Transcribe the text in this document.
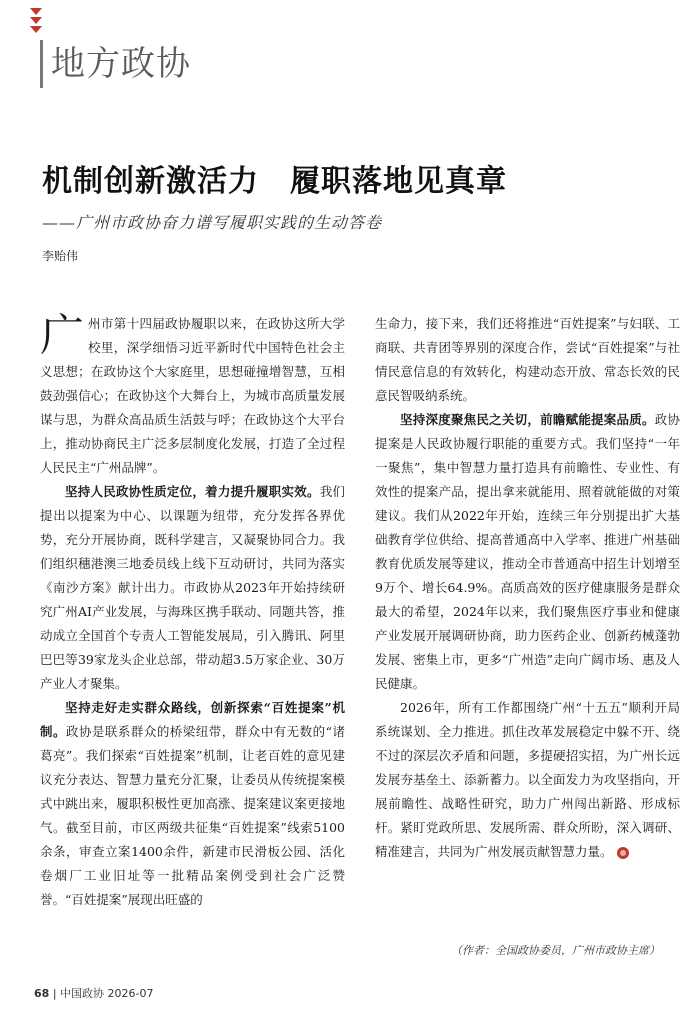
地方政协
机制创新激活力　履职落地见真章
——广州市政协奋力谱写履职实践的生动答卷
李贻伟

广州市第十四届政协履职以来，在政协这所大学校里，深学细悟习近平新时代中国特色社会主义思想；在政协这个大家庭里，思想碰撞增智慧，互相鼓劲强信心；在政协这个大舞台上，为城市高质量发展谋与思，为群众高品质生活鼓与呼；在政协这个大平台上，推动协商民主广泛多层制度化发展，打造了全过程人民民主“广州品牌”。

坚持人民政协性质定位，着力提升履职实效。我们提出以提案为中心、以课题为纽带，充分发挥各界优势，充分开展协商，既科学建言，又凝聚协同合力。我们组织穗港澳三地委员线上线下互动研讨，共同为落实《南沙方案》献计出力。市政协从2023年开始持续研究广州AI产业发展，与海珠区携手联动、同题共答，推动成立全国首个专责人工智能发展局，引入腾讯、阿里巴巴等39家龙头企业总部，带动超3.5万家企业、30万产业人才聚集。

坚持走好走实群众路线，创新探索“百姓提案”机制。政协是联系群众的桥梁纽带，群众中有无数的“诸葛亮”。我们探索“百姓提案”机制，让老百姓的意见建议充分表达、智慧力量充分汇聚，让委员从传统提案模式中跳出来，履职积极性更加高涨、提案建议案更接地气。截至目前，市区两级共征集“百姓提案”线索5100余条，审查立案1400余件，新建市民滑板公园、活化卷烟厂工业旧址等一批精品案例受到社会广泛赞誉。“百姓提案”展现出旺盛的

生命力，接下来，我们还将推进“百姓提案”与妇联、工商联、共青团等界别的深度合作，尝试“百姓提案”与社情民意信息的有效转化，构建动态开放、常态长效的民意民智吸纳系统。

坚持深度聚焦民之关切，前瞻赋能提案品质。政协提案是人民政协履行职能的重要方式。我们坚持“一年一聚焦”，集中智慧力量打造具有前瞻性、专业性、有效性的提案产品，提出拿来就能用、照着就能做的对策建议。我们从2022年开始，连续三年分别提出扩大基础教育学位供给、提高普通高中入学率、推进广州基础教育优质发展等建议，推动全市普通高中招生计划增至9万个、增长64.9%。高质高效的医疗健康服务是群众最大的希望，2024年以来，我们聚焦医疗事业和健康产业发展开展调研协商，助力医药企业、创新药械蓬勃发展、密集上市，更多“广州造”走向广阔市场、惠及人民健康。

2026年，所有工作都围绕广州“十五五”顺利开局系统谋划、全力推进。抓住改革发展稳定中躲不开、绕不过的深层次矛盾和问题，多提硬招实招，为广州长远发展夯基垒土、添新蓄力。以全面发力为攻坚指向，开展前瞻性、战略性研究，助力广州闯出新路、形成标杆。紧盯党政所思、发展所需、群众所盼，深入调研、精准建言，共同为广州发展贡献智慧力量。

（作者：全国政协委员，广州市政协主席）
68 | 中国政协 2026-07
